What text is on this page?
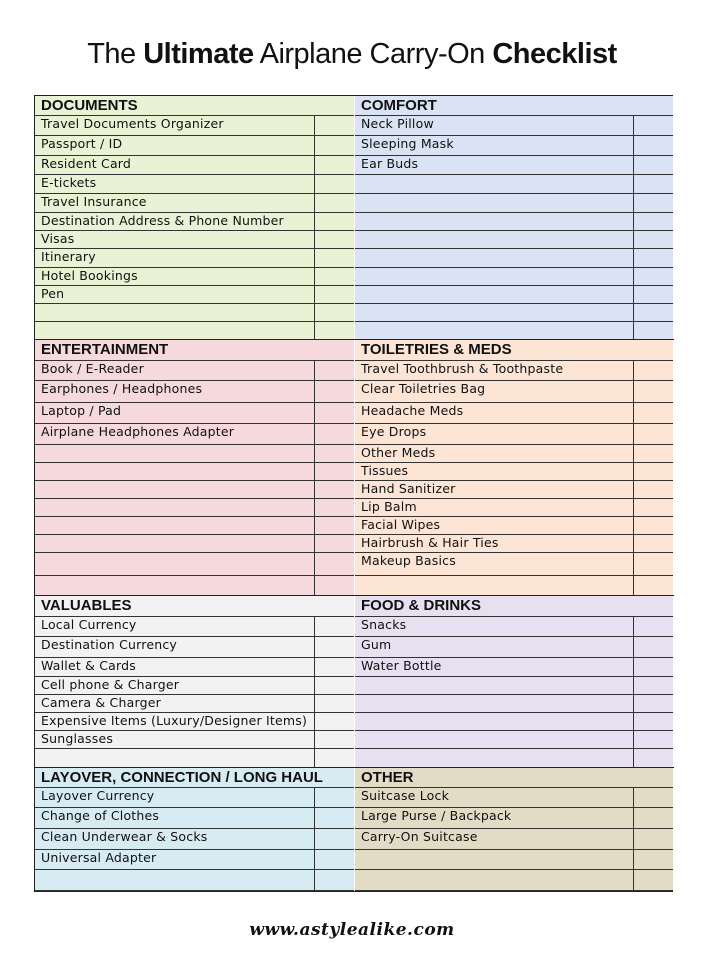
The Ultimate Airplane Carry-On Checklist
DOCUMENTS
Travel Documents Organizer
Passport / ID
Resident Card
E-tickets
Travel Insurance
Destination Address & Phone Number
Visas
Itinerary
Hotel Bookings
Pen
ENTERTAINMENT
Book / E-Reader
Earphones / Headphones
Laptop / Pad
Airplane Headphones Adapter
VALUABLES
Local Currency
Destination Currency
Wallet & Cards
Cell phone & Charger
Camera & Charger
Expensive Items (Luxury/Designer Items)
Sunglasses
LAYOVER, CONNECTION / LONG HAUL
Layover Currency
Change of Clothes
Clean Underwear & Socks
Universal Adapter
COMFORT
Neck Pillow
Sleeping Mask
Ear Buds
TOILETRIES & MEDS
Travel Toothbrush & Toothpaste
Clear Toiletries Bag
Headache Meds
Eye Drops
Other Meds
Tissues
Hand Sanitizer
Lip Balm
Facial Wipes
Hairbrush & Hair Ties
Makeup Basics
FOOD & DRINKS
Snacks
Gum
Water Bottle
OTHER
Suitcase Lock
Large Purse / Backpack
Carry-On Suitcase
www.astylealike.com
